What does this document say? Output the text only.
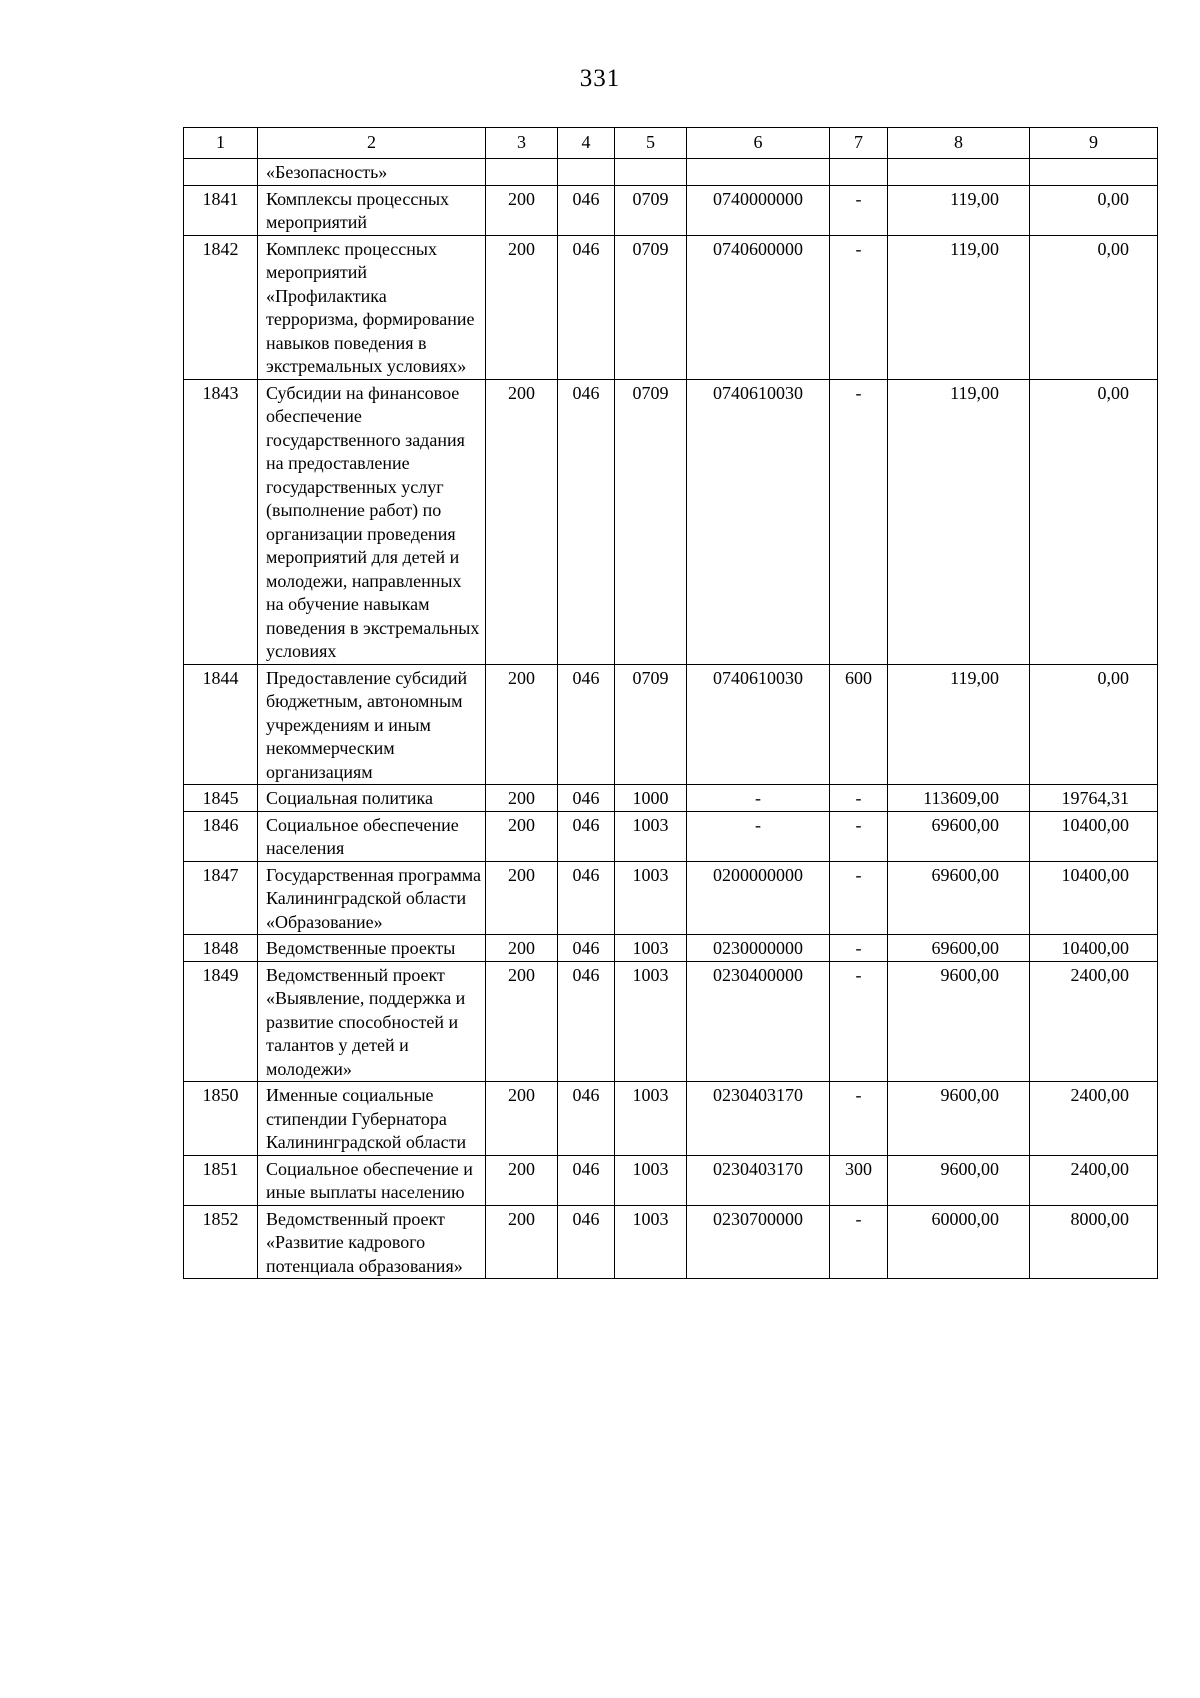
331
1	2	3	4	5	6	7	8	9
	«Безопасность»							
1841	Комплексы процессных мероприятий	200	046	0709	0740000000	-	119,00	0,00
1842	Комплекс процессных мероприятий «Профилактика терроризма, формирование навыков поведения в экстремальных условиях»	200	046	0709	0740600000	-	119,00	0,00
1843	Субсидии на финансовое обеспечение государственного задания на предоставление государственных услуг (выполнение работ) по организации проведения мероприятий для детей и молодежи, направленных на обучение навыкам поведения в экстремальных условиях	200	046	0709	0740610030	-	119,00	0,00
1844	Предоставление субсидий бюджетным, автономным учреждениям и иным некоммерческим организациям	200	046	0709	0740610030	600	119,00	0,00
1845	Социальная политика	200	046	1000	-	-	113609,00	19764,31
1846	Социальное обеспечение населения	200	046	1003	-	-	69600,00	10400,00
1847	Государственная программа Калининградской области «Образование»	200	046	1003	0200000000	-	69600,00	10400,00
1848	Ведомственные проекты	200	046	1003	0230000000	-	69600,00	10400,00
1849	Ведомственный проект «Выявление, поддержка и развитие способностей и талантов у детей и молодежи»	200	046	1003	0230400000	-	9600,00	2400,00
1850	Именные социальные стипендии Губернатора Калининградской области	200	046	1003	0230403170	-	9600,00	2400,00
1851	Социальное обеспечение и иные выплаты населению	200	046	1003	0230403170	300	9600,00	2400,00
1852	Ведомственный проект «Развитие кадрового потенциала образования»	200	046	1003	0230700000	-	60000,00	8000,00
